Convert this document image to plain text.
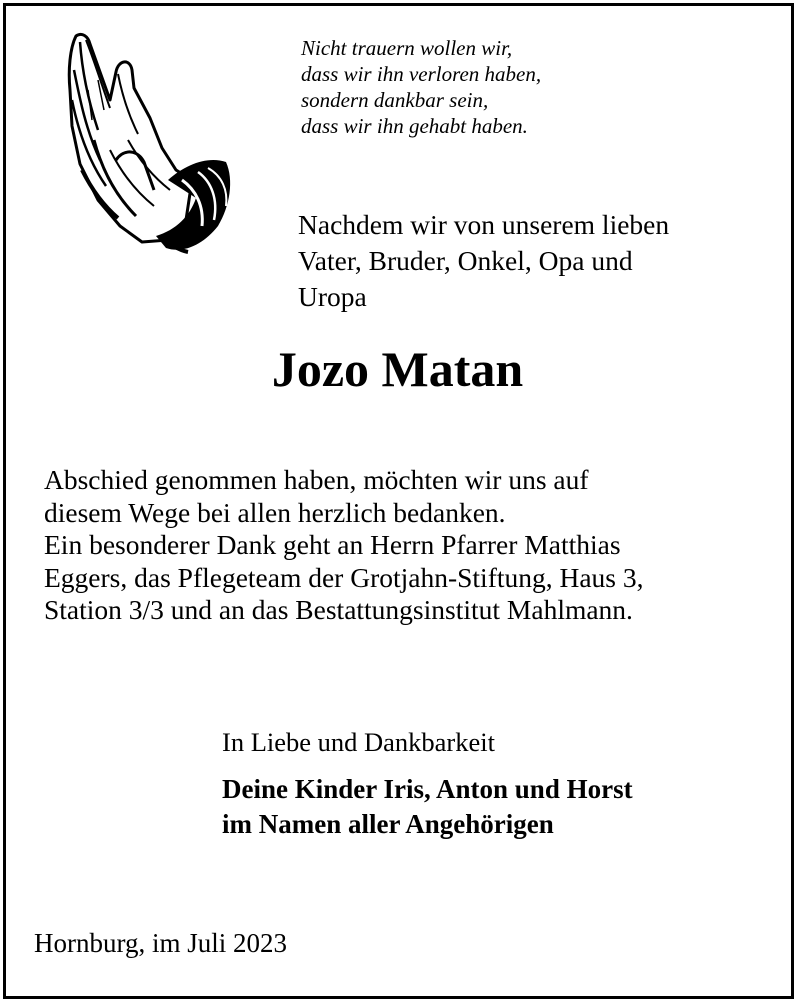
Nicht trauern wollen wir,
dass wir ihn verloren haben,
sondern dankbar sein,
dass wir ihn gehabt haben.
Nachdem wir von unserem lieben
Vater, Bruder, Onkel, Opa und
Uropa
Jozo Matan
Abschied genommen haben, möchten wir uns auf
diesem Wege bei allen herzlich bedanken.
Ein besonderer Dank geht an Herrn Pfarrer Matthias
Eggers, das Pflegeteam der Grotjahn-Stiftung, Haus 3,
Station 3/3 und an das Bestattungsinstitut Mahlmann.
In Liebe und Dankbarkeit
Deine Kinder Iris, Anton und Horst
im Namen aller Angehörigen
Hornburg, im Juli 2023
